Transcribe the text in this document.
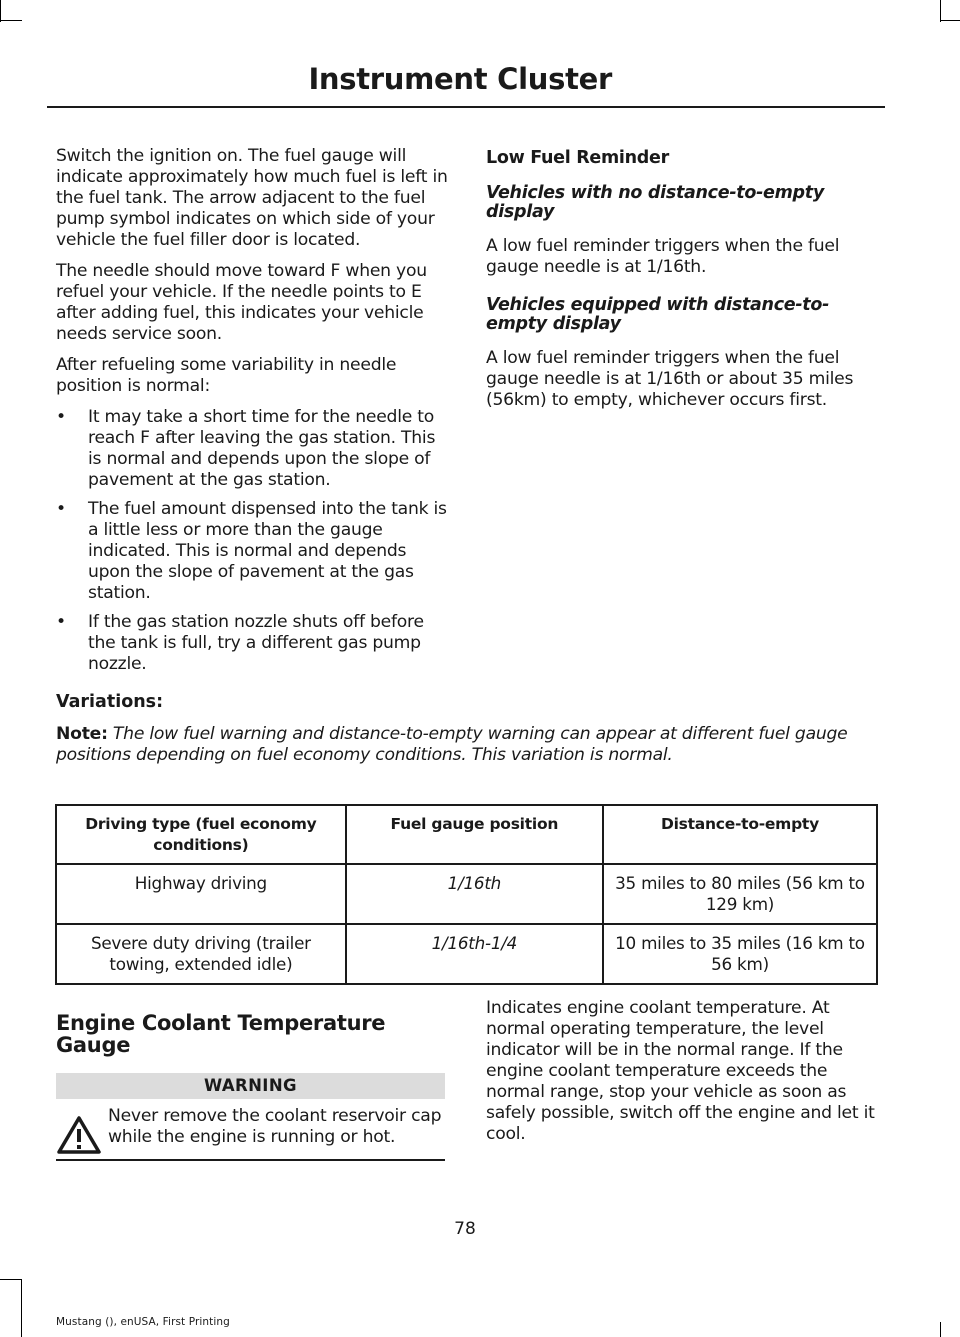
Instrument Cluster

Switch the ignition on. The fuel gauge will indicate approximately how much fuel is left in the fuel tank. The arrow adjacent to the fuel pump symbol indicates on which side of your vehicle the fuel filler door is located.

The needle should move toward F when you refuel your vehicle. If the needle points to E after adding fuel, this indicates your vehicle needs service soon.

After refueling some variability in needle position is normal:

• It may take a short time for the needle to reach F after leaving the gas station. This is normal and depends upon the slope of pavement at the gas station.
• The fuel amount dispensed into the tank is a little less or more than the gauge indicated. This is normal and depends upon the slope of pavement at the gas station.
• If the gas station nozzle shuts off before the tank is full, try a different gas pump nozzle.
Low Fuel Reminder
Vehicles with no distance-to-empty display

A low fuel reminder triggers when the fuel gauge needle is at 1/16th.

Vehicles equipped with distance-to-empty display

A low fuel reminder triggers when the fuel gauge needle is at 1/16th or about 35 miles (56km) to empty, whichever occurs first.

Variations:
Note: The low fuel warning and distance-to-empty warning can appear at different fuel gauge positions depending on fuel economy conditions. This variation is normal.
Driving type (fuel economy conditions)	Fuel gauge position	Distance-to-empty
Highway driving	1/16th	35 miles to 80 miles (56 km to 129 km)
Severe duty driving (trailer towing, extended idle)	1/16th-1/4	10 miles to 35 miles (16 km to 56 km)
Engine Coolant Temperature Gauge
WARNING

Never remove the coolant reservoir cap while the engine is running or hot.

Indicates engine coolant temperature. At normal operating temperature, the level indicator will be in the normal range. If the engine coolant temperature exceeds the normal range, stop your vehicle as soon as safely possible, switch off the engine and let it cool.

78
Mustang (), enUSA, First Printing
